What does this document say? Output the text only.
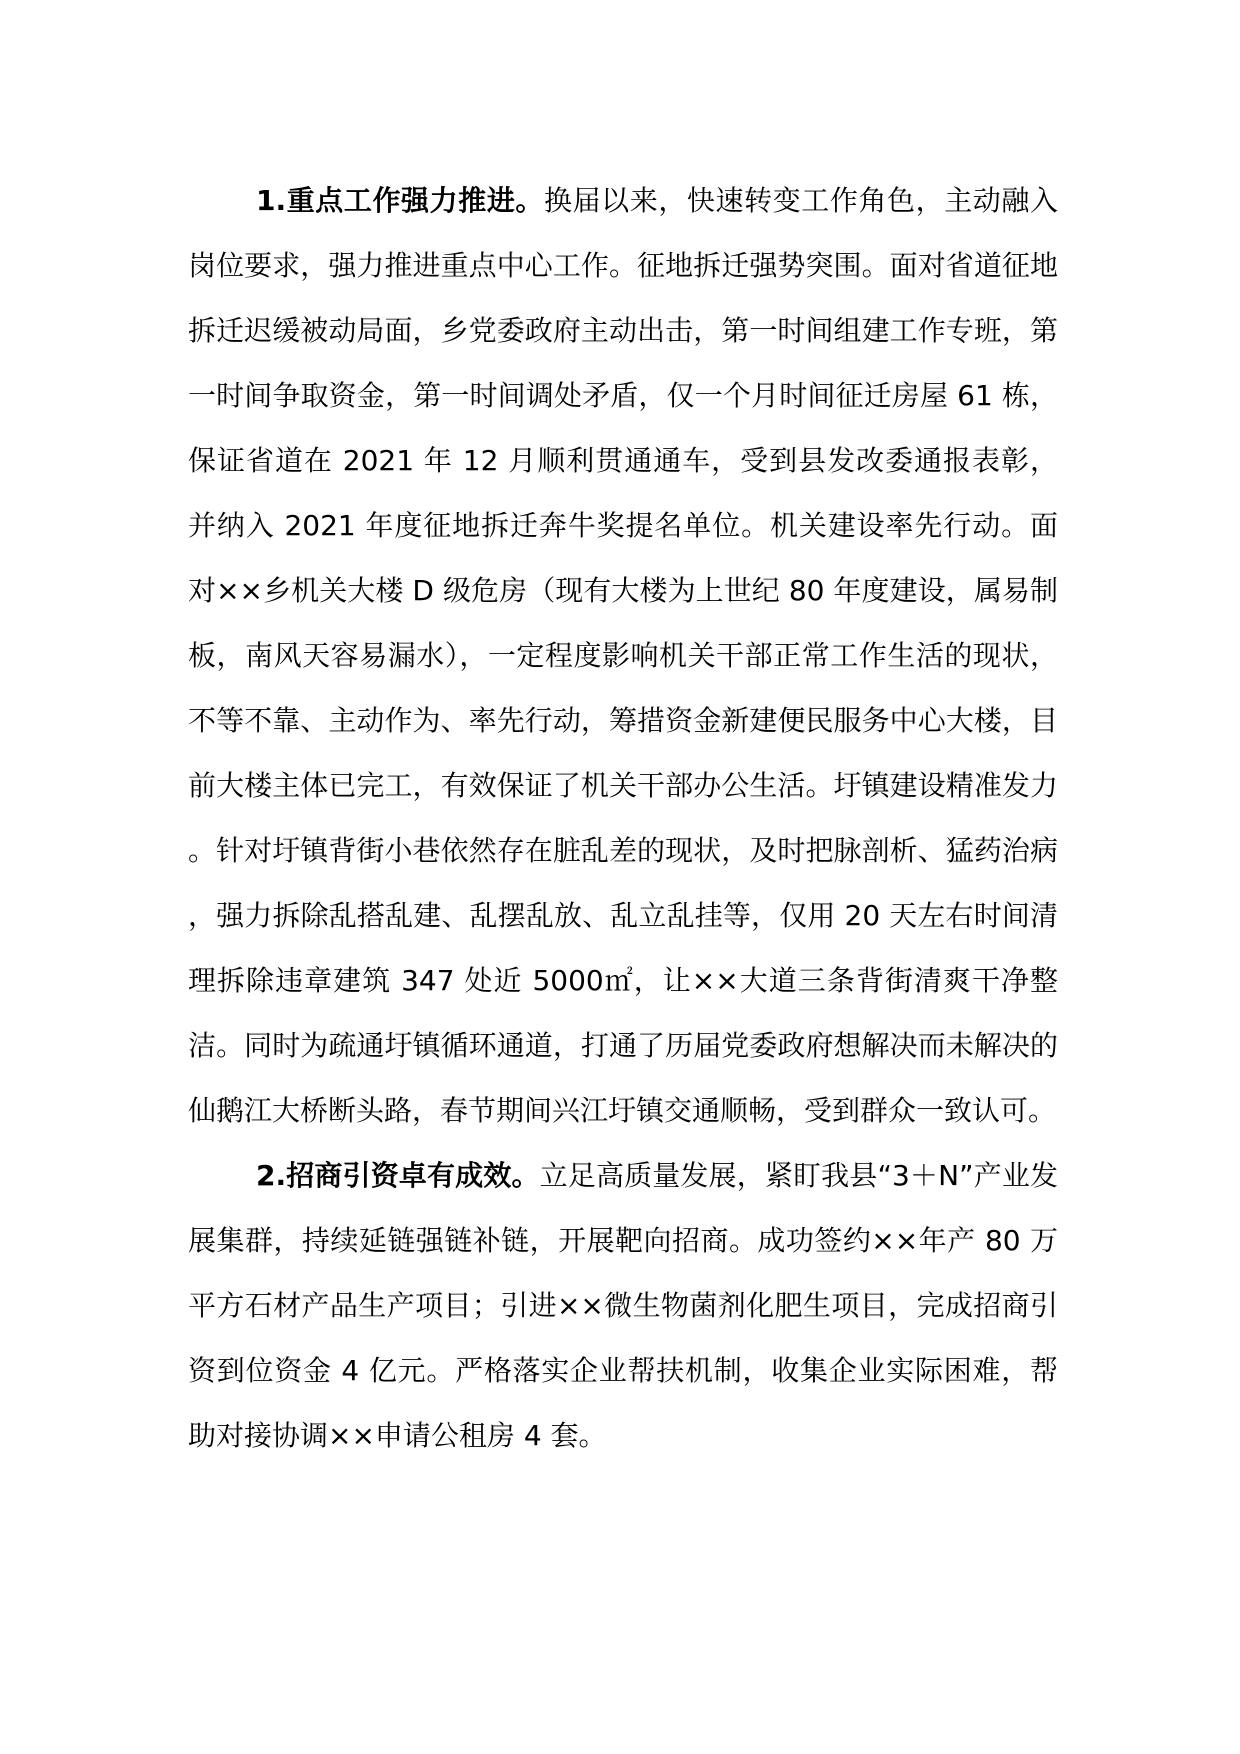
1.重点工作强力推进。换届以来，快速转变工作角色，主动融入岗位要求，强力推进重点中心工作。征地拆迁强势突围。面对省道征地拆迁迟缓被动局面，乡党委政府主动出击，第一时间组建工作专班，第一时间争取资金，第一时间调处矛盾，仅一个月时间征迁房屋 61 栋，保证省道在 2021 年 12 月顺利贯通通车，受到县发改委通报表彰，并纳入 2021 年度征地拆迁奔牛奖提名单位。机关建设率先行动。面对××乡机关大楼 D 级危房（现有大楼为上世纪 80 年度建设，属易制板，南风天容易漏水），一定程度影响机关干部正常工作生活的现状，不等不靠、主动作为、率先行动，筹措资金新建便民服务中心大楼，目前大楼主体已完工，有效保证了机关干部办公生活。圩镇建设精准发力。针对圩镇背街小巷依然存在脏乱差的现状，及时把脉剖析、猛药治病，强力拆除乱搭乱建、乱摆乱放、乱立乱挂等，仅用 20 天左右时间清理拆除违章建筑 347 处近 5000㎡，让××大道三条背街清爽干净整洁。同时为疏通圩镇循环通道，打通了历届党委政府想解决而未解决的仙鹅江大桥断头路，春节期间兴江圩镇交通顺畅，受到群众一致认可。

2.招商引资卓有成效。立足高质量发展，紧盯我县“3＋N”产业发展集群，持续延链强链补链，开展靶向招商。成功签约××年产 80 万平方石材产品生产项目；引进××微生物菌剂化肥生项目，完成招商引资到位资金 4 亿元。严格落实企业帮扶机制，收集企业实际困难，帮助对接协调××申请公租房 4 套。
